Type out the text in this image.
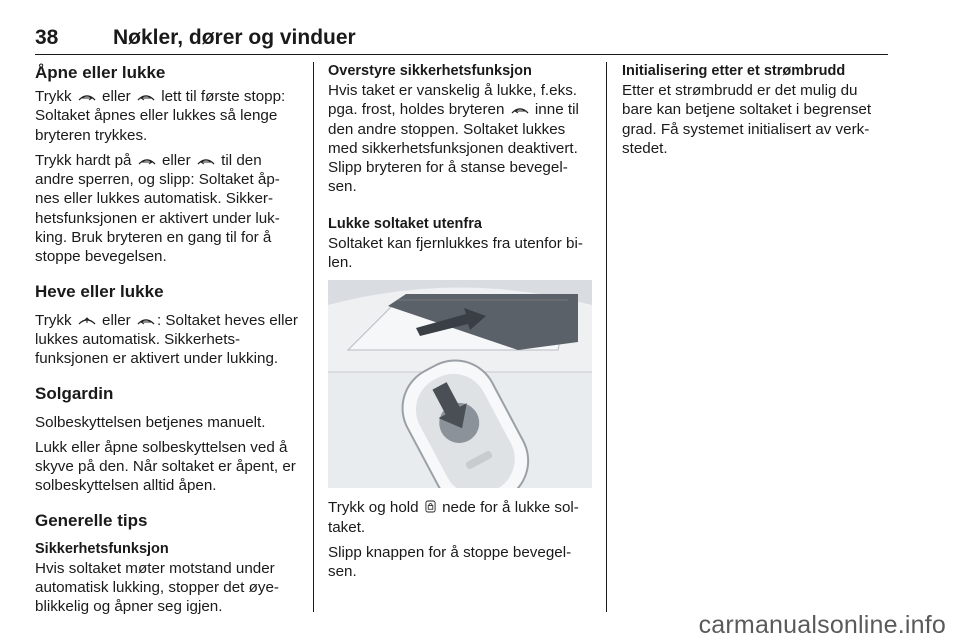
38	Nøkler, dører og vinduer
Åpne eller lukke

Trykk eller lett til første stopp: Soltaket åpnes eller lukkes så lenge bryteren trykkes.

Trykk hardt på eller til den andre sperren, og slipp: Soltaket åp-nes eller lukkes automatisk. Sikker-hetsfunksjonen er aktivert under luk-king. Bruk bryteren en gang til for å stoppe bevegelsen.

Heve eller lukke

Trykk eller : Soltaket heves eller lukkes automatisk. Sikkerhets-funksjonen er aktivert under lukking.

Solgardin

Solbeskyttelsen betjenes manuelt.

Lukk eller åpne solbeskyttelsen ved å skyve på den. Når soltaket er åpent, er solbeskyttelsen alltid åpen.

Generelle tips
Sikkerhetsfunksjon

Hvis soltaket møter motstand under automatisk lukking, stopper det øye-blikkelig og åpner seg igjen.

Overstyre sikkerhetsfunksjon

Hvis taket er vanskelig å lukke, f.eks. pga. frost, holdes bryteren inne til den andre stoppen. Soltaket lukkes med sikkerhetsfunksjonen deaktivert. Slipp bryteren for å stanse bevegel-sen.

Lukke soltaket utenfra

Soltaket kan fjernlukkes fra utenfor bi-len.

Trykk og hold nede for å lukke sol-taket.

Slipp knappen for å stoppe bevegel-sen.

Initialisering etter et strømbrudd

Etter et strømbrudd er det mulig du bare kan betjene soltaket i begrenset grad. Få systemet initialisert av verk-stedet.

carmanualsonline.info
